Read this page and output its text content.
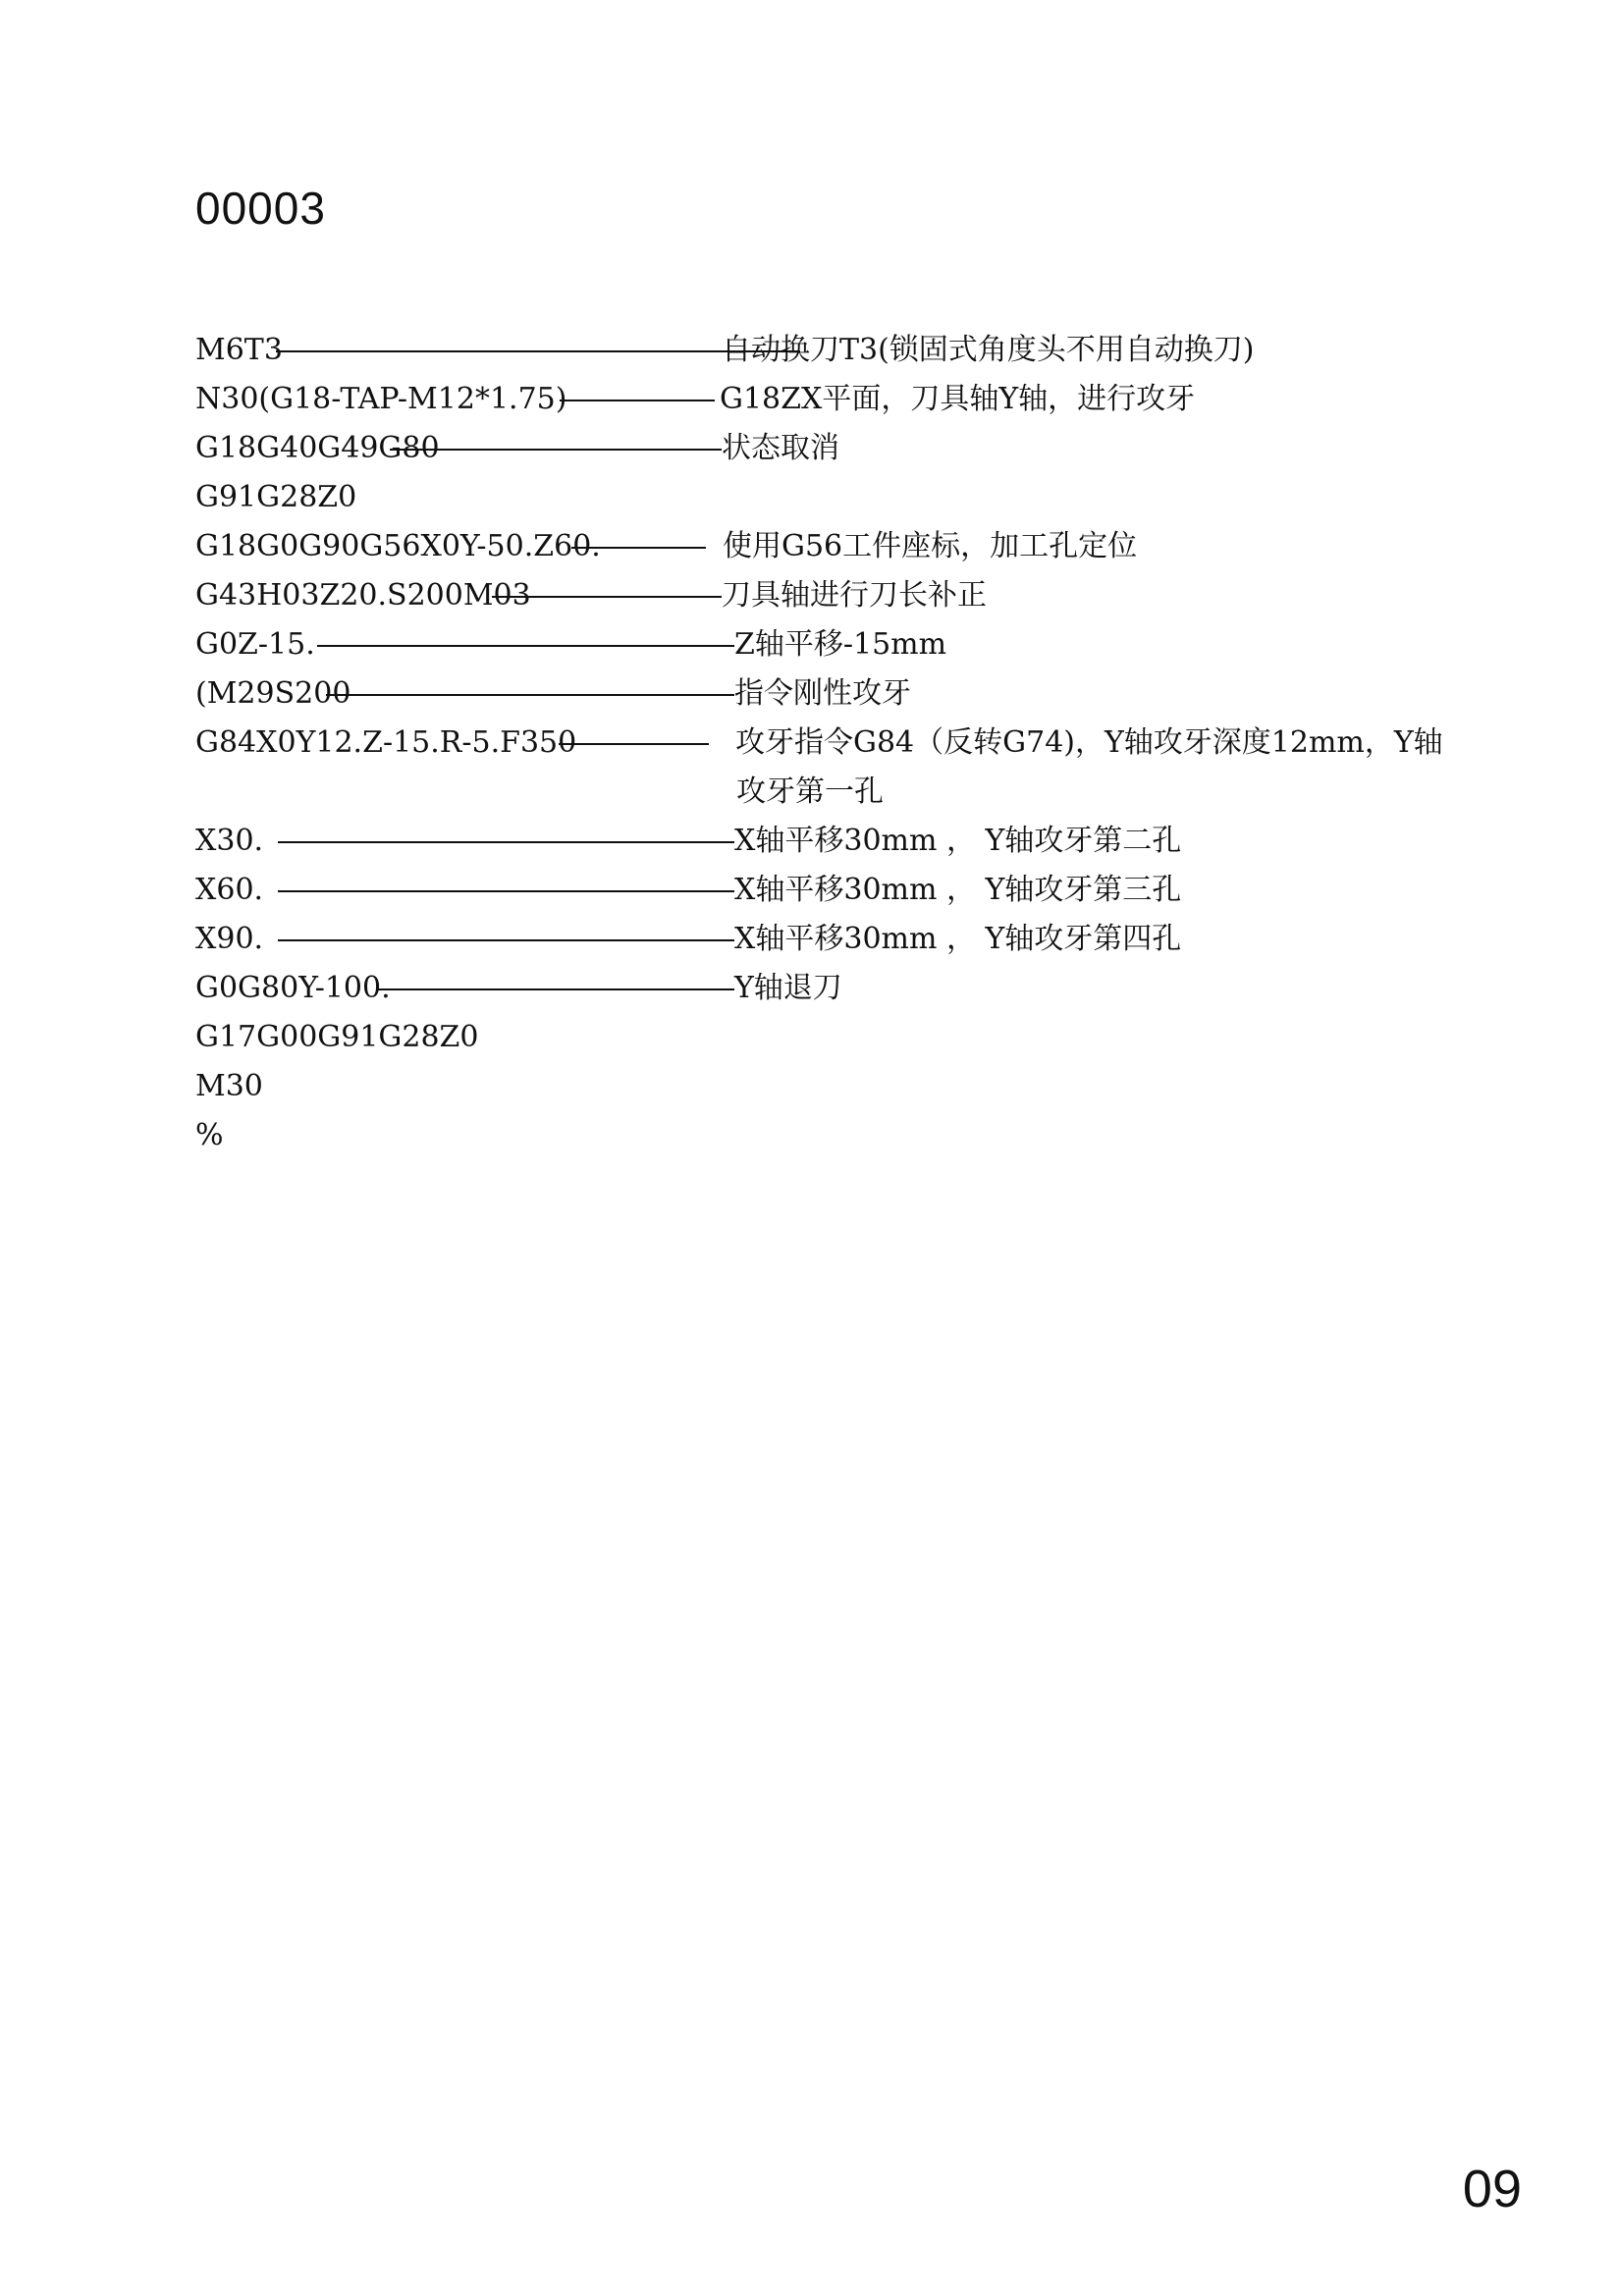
00003
M6T3	自动换刀T3(锁固式角度头不用自动换刀)
N30(G18-TAP-M12*1.75)	G18ZX平面，刀具轴Y轴，进行攻牙
G18G40G49G80	状态取消
G91G28Z0
G18G0G90G56X0Y-50.Z60.	使用G56工件座标，加工孔定位
G43H03Z20.S200M03	刀具轴进行刀长补正
G0Z-15.	Z轴平移-15mm
(M29S200	指令刚性攻牙
G84X0Y12.Z-15.R-5.F350	攻牙指令G84（反转G74)，Y轴攻牙深度12mm，Y轴
攻牙第一孔
X30.	X轴平移30mm ， Y轴攻牙第二孔
X60.	X轴平移30mm ， Y轴攻牙第三孔
X90.	X轴平移30mm ， Y轴攻牙第四孔
G0G80Y-100.	Y轴退刀
G17G00G91G28Z0
M30
%
09
